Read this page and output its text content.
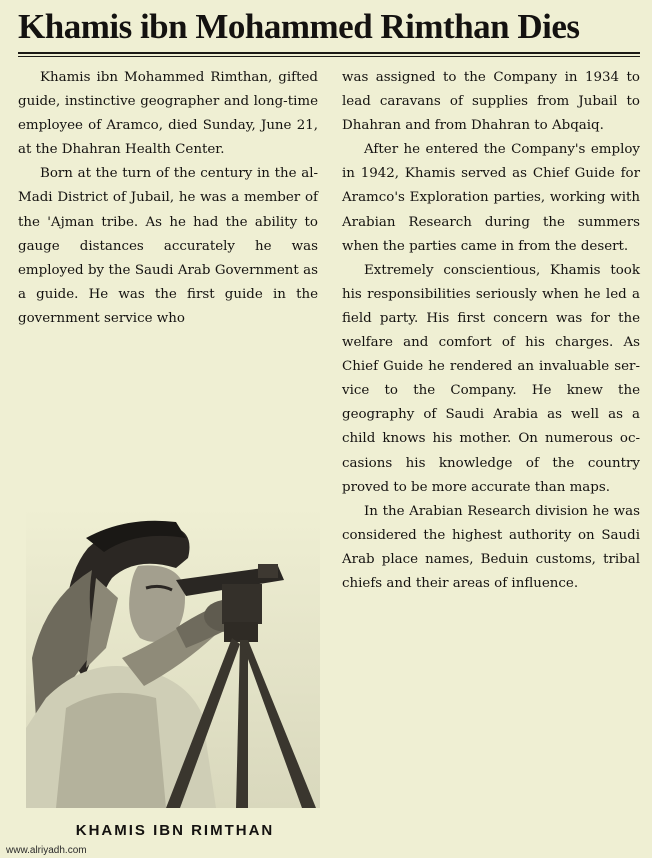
Khamis ibn Mohammed Rimthan Dies

Khamis ibn Mohammed Rimthan, gifted guide, instinctive geographer and long-time employee of Aramco, died Sunday, June 21, at the Dhahran Health Center.

Born at the turn of the century in the al-Madi District of Jubail, he was a member of the 'Ajman tribe. As he had the ability to gauge distances accurately he was employed by the Saudi Arab Government as a guide. He was the first guide in the government service who

was assigned to the Company in 1934 to lead caravans of supplies from Jubail to Dhahran and from Dhahran to Abqaiq.

After he entered the Company's employ in 1942, Khamis served as Chief Guide for Aramco's Exploration parties, working with Arabian Research during the summers when the parties came in from the desert.

Extremely conscientious, Khamis took his responsibilities seriously when he led a field party. His first concern was for the welfare and comfort of his charges. As Chief Guide he rendered an invaluable service to the Company. He knew the geography of Saudi Arabia as well as a child knows his mother. On numerous occasions his knowledge of the country proved to be more accurate than maps.

In the Arabian Research division he was considered the highest authority on Saudi Arab place names, Beduin customs, tribal chiefs and their areas of influence.

KHAMIS IBN RIMTHAN
www.alriyadh.com
